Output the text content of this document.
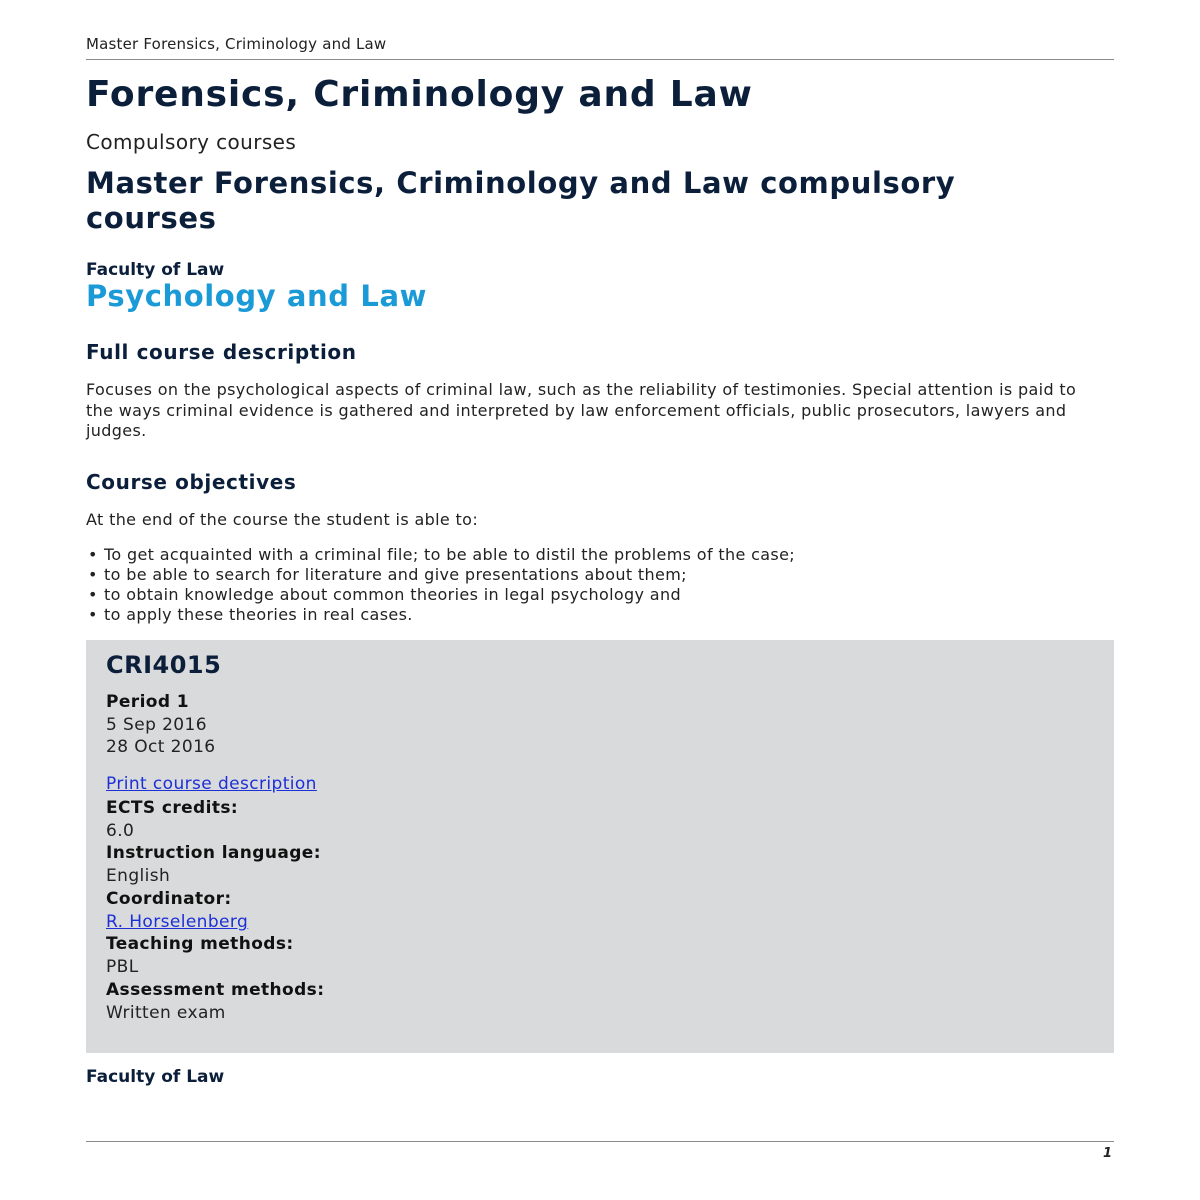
Master Forensics, Criminology and Law
Forensics, Criminology and Law
Compulsory courses
Master Forensics, Criminology and Law compulsory courses
Faculty of Law
Psychology and Law
Full course description

Focuses on the psychological aspects of criminal law, such as the reliability of testimonies. Special attention is paid to the ways criminal evidence is gathered and interpreted by law enforcement officials, public prosecutors, lawyers and judges.

Course objectives
At the end of the course the student is able to:
• To get acquainted with a criminal file; to be able to distil the problems of the case;
• to be able to search for literature and give presentations about them;
• to obtain knowledge about common theories in legal psychology and
• to apply these theories in real cases.
CRI4015
Period 1
5 Sep 2016
28 Oct 2016
Print course description
ECTS credits:
6.0
Instruction language:
English
Coordinator:
R. Horselenberg
Teaching methods:
PBL
Assessment methods:
Written exam
Faculty of Law
1
